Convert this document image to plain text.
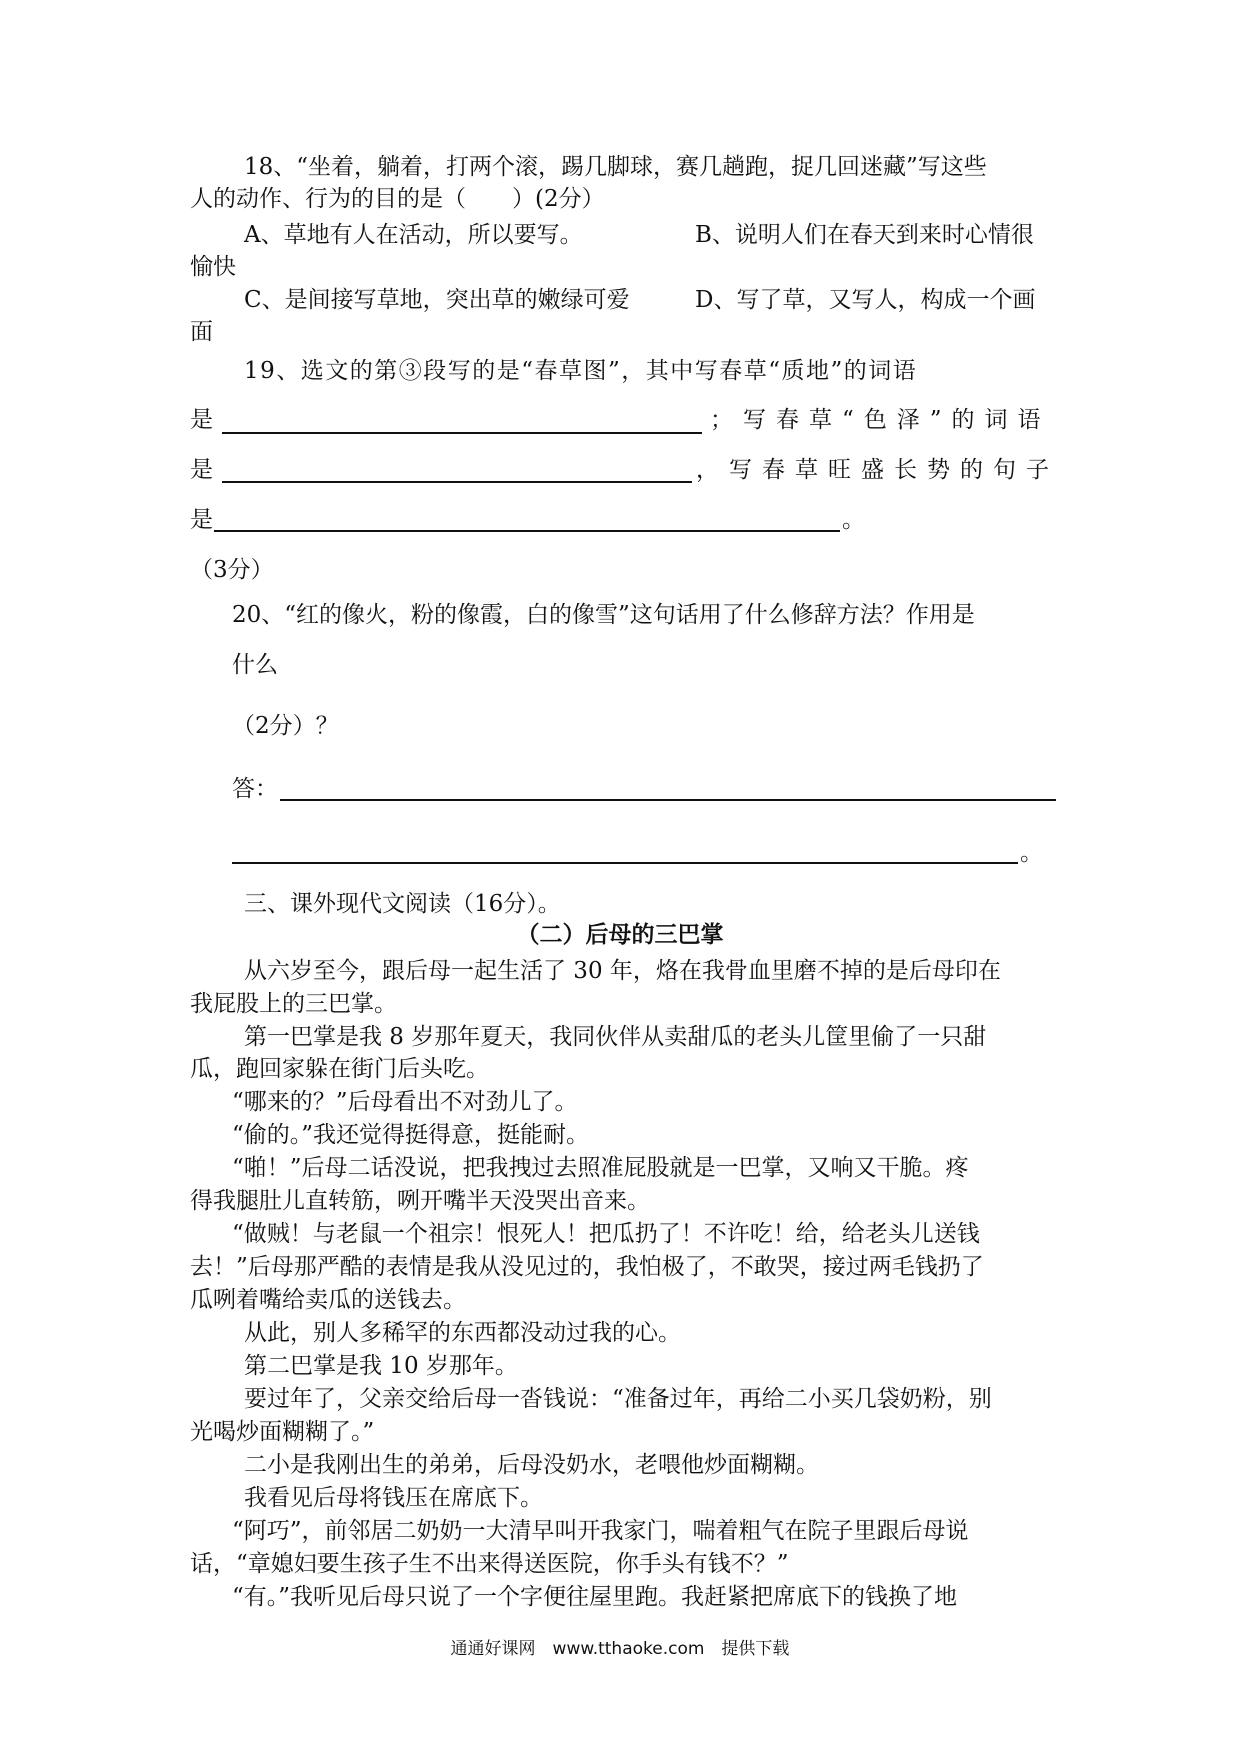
18、“坐着，躺着，打两个滚，踢几脚球，赛几趟跑，捉几回迷藏”写这些
人的动作、行为的目的是（　　）(2分）
A、草地有人在活动，所以要写。	B、说明人们在春天到来时心情很
愉快
C、是间接写草地，突出草的嫩绿可爱	D、写了草，又写人，构成一个画
面
19、选文的第③段写的是“春草图”，其中写春草“质地”的词语
是	；写春草“色泽”的词语
是	，写春草旺盛长势的句子
是	。
（3分）
20、“红的像火，粉的像霞，白的像雪”这句话用了什么修辞方法？作用是
什么
（2分）？
答：
。
三、课外现代文阅读（16分）。
（二）后母的三巴掌
从六岁至今，跟后母一起生活了 30 年，烙在我骨血里磨不掉的是后母印在
我屁股上的三巴掌。
第一巴掌是我 8 岁那年夏天，我同伙伴从卖甜瓜的老头儿筐里偷了一只甜
瓜，跑回家躲在街门后头吃。
“哪来的？”后母看出不对劲儿了。
“偷的。”我还觉得挺得意，挺能耐。
“啪！”后母二话没说，把我拽过去照准屁股就是一巴掌，又响又干脆。疼
得我腿肚儿直转筋，咧开嘴半天没哭出音来。
“做贼！与老鼠一个祖宗！恨死人！把瓜扔了！不许吃！给，给老头儿送钱
去！”后母那严酷的表情是我从没见过的，我怕极了，不敢哭，接过两毛钱扔了
瓜咧着嘴给卖瓜的送钱去。
从此，别人多稀罕的东西都没动过我的心。
第二巴掌是我 10 岁那年。
要过年了，父亲交给后母一沓钱说：“准备过年，再给二小买几袋奶粉，别
光喝炒面糊糊了。”
二小是我刚出生的弟弟，后母没奶水，老喂他炒面糊糊。
我看见后母将钱压在席底下。
“阿巧”，前邻居二奶奶一大清早叫开我家门，喘着粗气在院子里跟后母说
话，“章媳妇要生孩子生不出来得送医院，你手头有钱不？”
“有。”我听见后母只说了一个字便往屋里跑。我赶紧把席底下的钱换了地
通通好课网　www.tthaoke.com　提供下载
